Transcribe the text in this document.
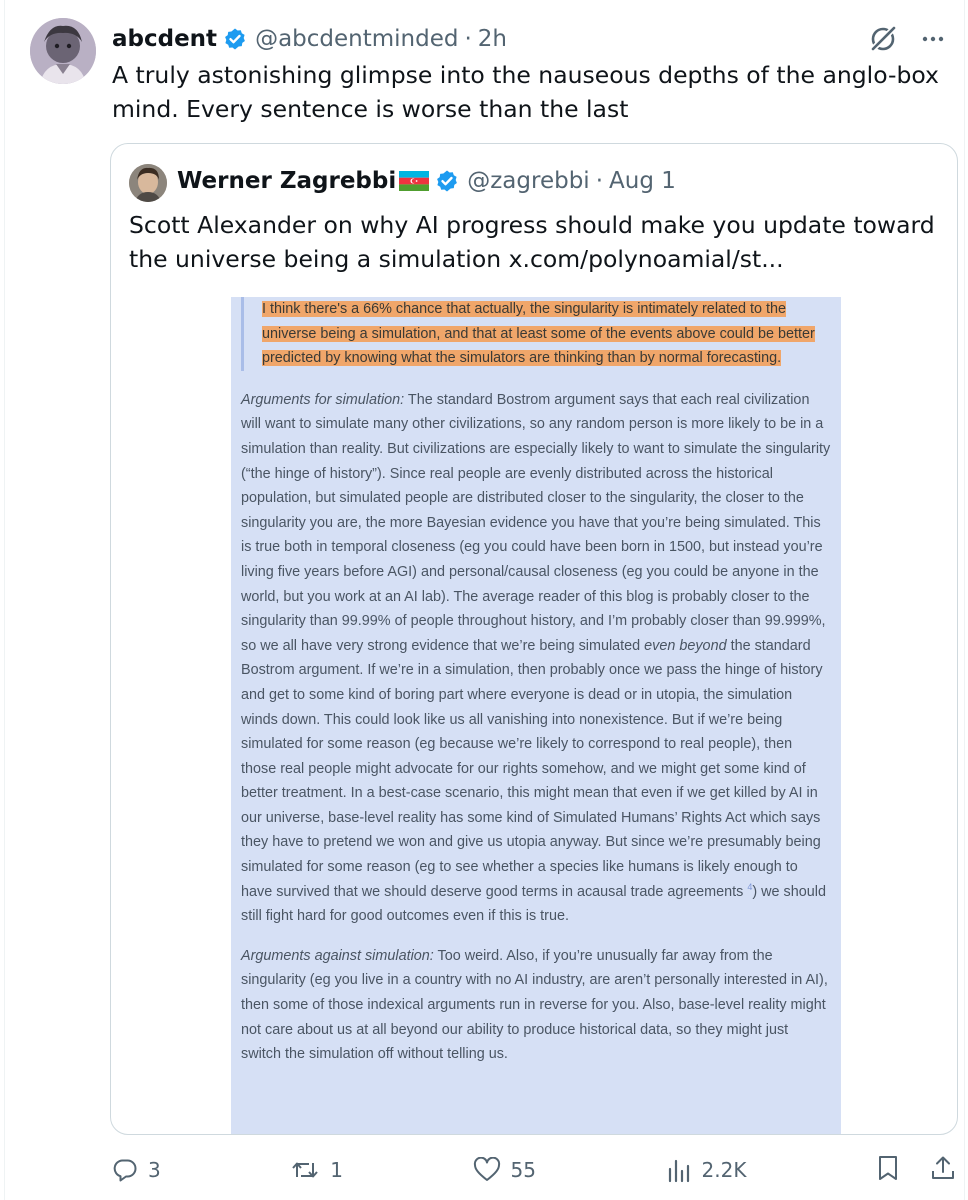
abcdent @abcdentminded · 2h

A truly astonishing glimpse into the nauseous depths of the anglo-box mind. Every sentence is worse than the last

Werner Zagrebbi	@zagrebbi · Aug 1

Scott Alexander on why AI progress should make you update toward the universe being a simulation x.com/polynoamial/st...

I think there's a 66% chance that actually, the singularity is intimately related to the universe being a simulation, and that at least some of the events above could be better predicted by knowing what the simulators are thinking than by normal forecasting.

Arguments for simulation: The standard Bostrom argument says that each real civilization will want to simulate many other civilizations, so any random person is more likely to be in a simulation than reality. But civilizations are especially likely to want to simulate the singularity (“the hinge of history”). Since real people are evenly distributed across the historical population, but simulated people are distributed closer to the singularity, the closer to the singularity you are, the more Bayesian evidence you have that you’re being simulated. This is true both in temporal closeness (eg you could have been born in 1500, but instead you’re living five years before AGI) and personal/causal closeness (eg you could be anyone in the world, but you work at an AI lab). The average reader of this blog is probably closer to the singularity than 99.99% of people throughout history, and I’m probably closer than 99.999%, so we all have very strong evidence that we’re being simulated even beyond the standard Bostrom argument. If we’re in a simulation, then probably once we pass the hinge of history and get to some kind of boring part where everyone is dead or in utopia, the simulation winds down. This could look like us all vanishing into nonexistence. But if we’re being simulated for some reason (eg because we’re likely to correspond to real people), then those real people might advocate for our rights somehow, and we might get some kind of better treatment. In a best-case scenario, this might mean that even if we get killed by AI in our universe, base-level reality has some kind of Simulated Humans’ Rights Act which says they have to pretend we won and give us utopia anyway. But since we’re presumably being simulated for some reason (eg to see whether a species like humans is likely enough to have survived that we should deserve good terms in acausal trade agreements $^4$) we should still fight hard for good outcomes even if this is true.

Arguments against simulation: Too weird. Also, if you’re unusually far away from the singularity (eg you live in a country with no AI industry, are aren’t personally interested in AI), then some of those indexical arguments run in reverse for you. Also, base-level reality might not care about us at all beyond our ability to produce historical data, so they might just switch the simulation off without telling us.

3	1	55	2.2K
